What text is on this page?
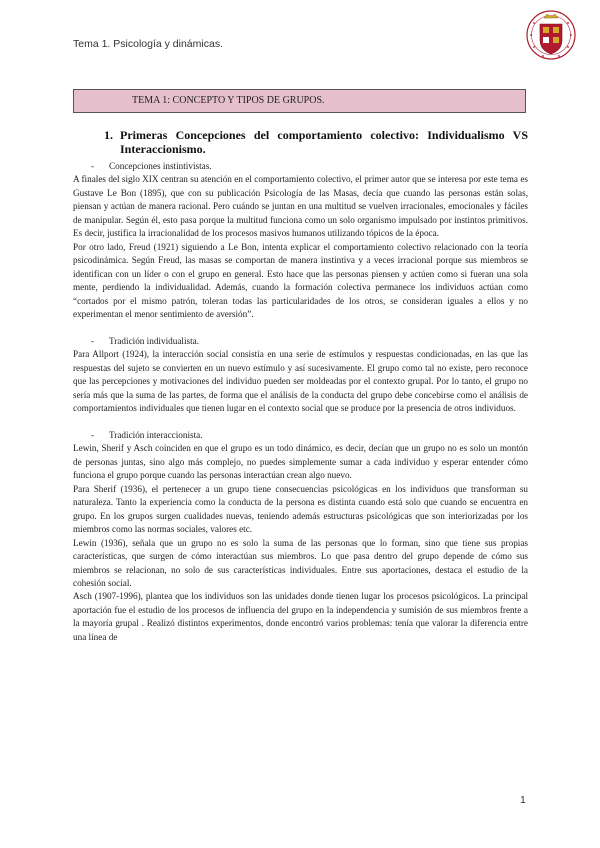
Tema 1. Psicología y dinámicas.
TEMA 1: CONCEPTO Y TIPOS DE GRUPOS.
1. Primeras Concepciones del comportamiento colectivo: Individualismo VS Interaccionismo.
- Concepciones instintivistas.

A finales del siglo XIX centran su atención en el comportamiento colectivo, el primer autor que se interesa por este tema es Gustave Le Bon (1895), que con su publicación Psicología de las Masas, decía que cuando las personas están solas, piensan y actúan de manera racional. Pero cuándo se juntan en una multitud se vuelven irracionales, emocionales y fáciles de manipular. Según él, esto pasa porque la multitud funciona como un solo organismo impulsado por instintos primitivos. Es decir, justifica la irracionalidad de los procesos masivos humanos utilizando tópicos de la época.

Por otro lado, Freud (1921) siguiendo a Le Bon, intenta explicar el comportamiento colectivo relacionado con la teoría psicodinámica. Según Freud, las masas se comportan de manera instintiva y a veces irracional porque sus miembros se identifican con un líder o con el grupo en general. Esto hace que las personas piensen y actúen como si fueran una sola mente, perdiendo la individualidad. Además, cuando la formación colectiva permanece los individuos actúan como “cortados por el mismo patrón, toleran todas las particularidades de los otros, se consideran iguales a ellos y no experimentan el menor sentimiento de aversión”.

- Tradición individualista.

Para Allport (1924), la interacción social consistía en una serie de estímulos y respuestas condicionadas, en las que las respuestas del sujeto se convierten en un nuevo estímulo y así sucesivamente. El grupo como tal no existe, pero reconoce que las percepciones y motivaciones del individuo pueden ser moldeadas por el contexto grupal. Por lo tanto, el grupo no sería más que la suma de las partes, de forma que el análisis de la conducta del grupo debe concebirse como el análisis de comportamientos individuales que tienen lugar en el contexto social que se produce por la presencia de otros individuos.

- Tradición interaccionista.

Lewin, Sherif y Asch coinciden en que el grupo es un todo dinámico, es decir, decían que un grupo no es solo un montón de personas juntas, sino algo más complejo, no puedes simplemente sumar a cada individuo y esperar entender cómo funciona el grupo porque cuando las personas interactúan crean algo nuevo.

Para Sherif (1936), el pertenecer a un grupo tiene consecuencias psicológicas en los individuos que transforman su naturaleza. Tanto la experiencia como la conducta de la persona es distinta cuando está solo que cuando se encuentra en grupo. En los grupos surgen cualidades nuevas, teniendo además estructuras psicológicas que son interiorizadas por los miembros como las normas sociales, valores etc.

Lewin (1936), señala que un grupo no es solo la suma de las personas que lo forman, sino que tiene sus propias características, que surgen de cómo interactúan sus miembros. Lo que pasa dentro del grupo depende de cómo sus miembros se relacionan, no solo de sus características individuales. Entre sus aportaciones, destaca el estudio de la cohesión social.

Asch (1907-1996), plantea que los individuos son las unidades donde tienen lugar los procesos psicológicos. La principal aportación fue el estudio de los procesos de influencia del grupo en la independencia y sumisión de sus miembros frente a la mayoría grupal . Realizó distintos experimentos, donde encontró varios problemas: tenía que valorar la diferencia entre una línea de

1
